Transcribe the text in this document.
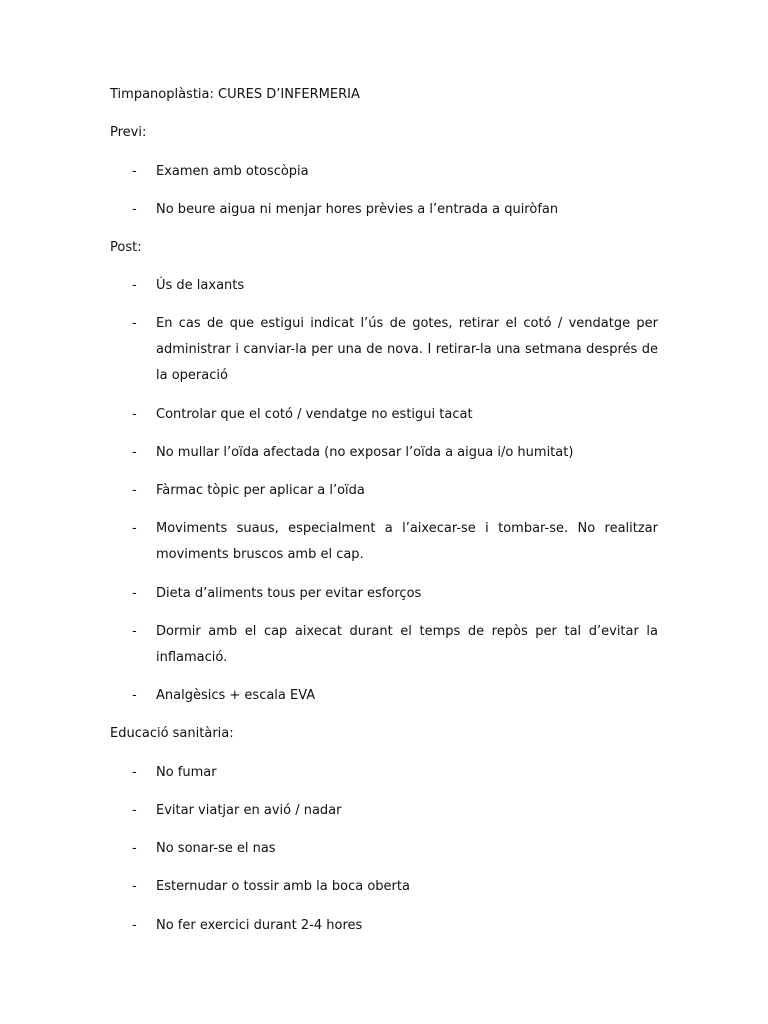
Timpanoplàstia: CURES D’INFERMERIA
Previ:
- Examen amb otoscòpia
- No beure aigua ni menjar hores prèvies a l’entrada a quiròfan
Post:
- Ús de laxants
- En cas de que estigui indicat l’ús de gotes, retirar el cotó / vendatge per administrar i canviar-la per una de nova. I retirar-la una setmana després de la operació
- Controlar que el cotó / vendatge no estigui tacat
- No mullar l’oïda afectada (no exposar l’oïda a aigua i/o humitat)
- Fàrmac tòpic per aplicar a l’oïda
- Moviments suaus, especialment a l’aixecar-se i tombar-se. No realitzar moviments bruscos amb el cap.
- Dieta d’aliments tous per evitar esforços
- Dormir amb el cap aixecat durant el temps de repòs per tal d’evitar la inflamació.
- Analgèsics + escala EVA
Educació sanitària:
- No fumar
- Evitar viatjar en avió / nadar
- No sonar-se el nas
- Esternudar o tossir amb la boca oberta
- No fer exercici durant 2-4 hores
